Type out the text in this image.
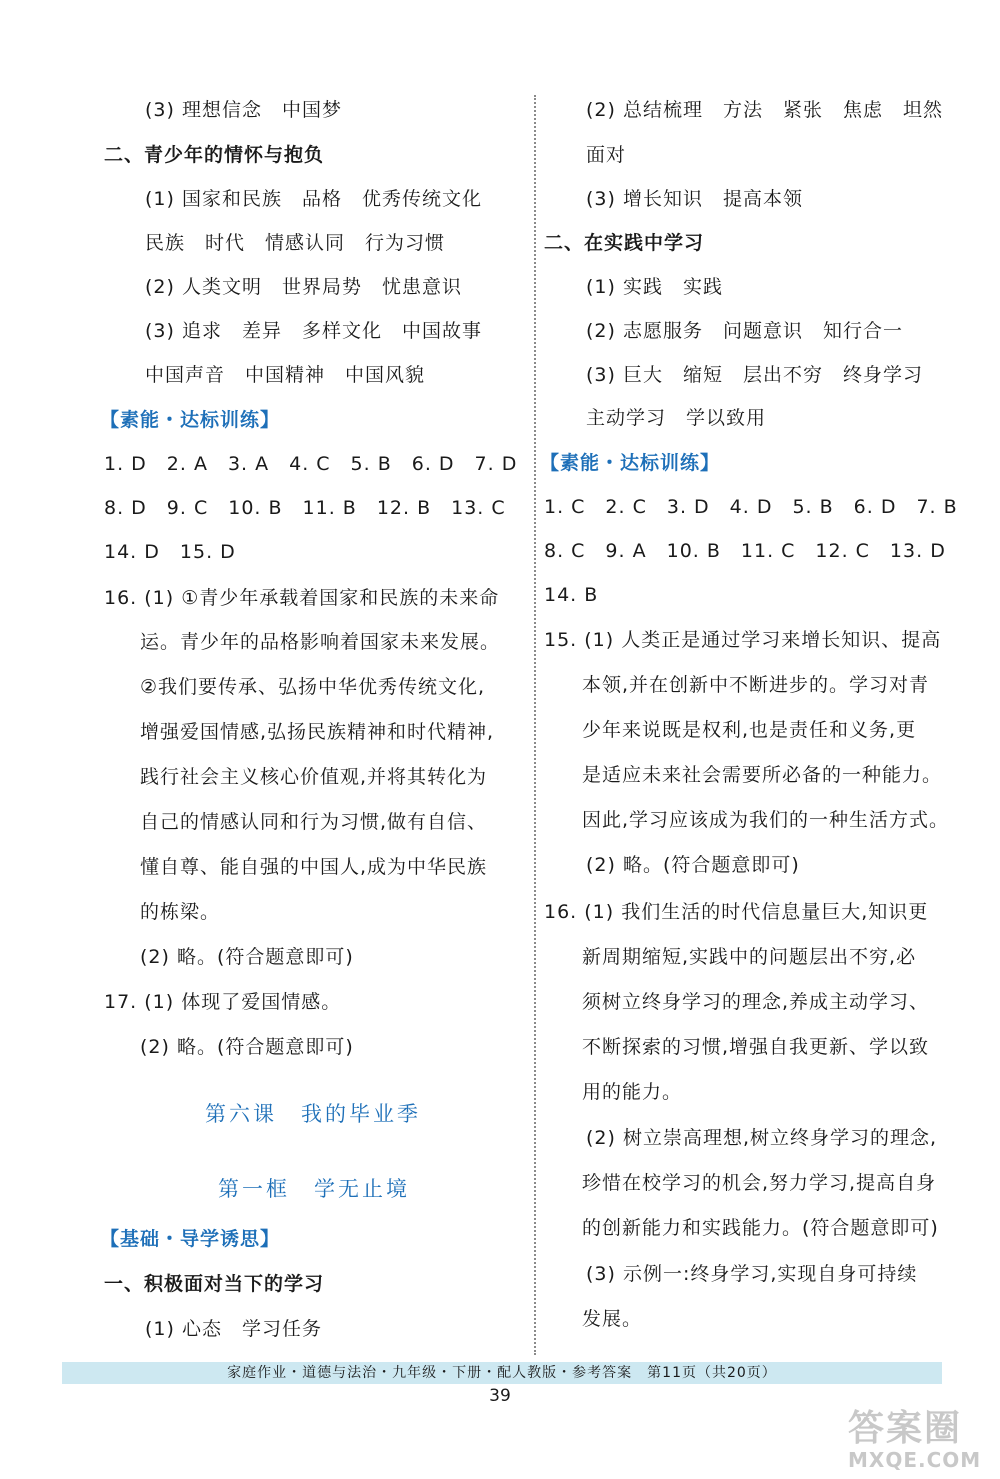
(3) 理想信念　中国梦
二、青少年的情怀与抱负
(1) 国家和民族　品格　优秀传统文化
民族　时代　情感认同　行为习惯
(2) 人类文明　世界局势　忧患意识
(3) 追求　差异　多样文化　中国故事
中国声音　中国精神　中国风貌
【素能・达标训练】
1. D　2. A　3. A　4. C　5. B　6. D　7. D
8. D　9. C　10. B　11. B　12. B　13. C
14. D　15. D
16. (1) ①青少年承载着国家和民族的未来命
运。青少年的品格影响着国家未来发展。
②我们要传承、弘扬中华优秀传统文化,
增强爱国情感,弘扬民族精神和时代精神,
践行社会主义核心价值观,并将其转化为
自己的情感认同和行为习惯,做有自信、
懂自尊、能自强的中国人,成为中华民族
的栋梁。
(2) 略。(符合题意即可)
17. (1) 体现了爱国情感。
(2) 略。(符合题意即可)
第六课　我的毕业季
第一框　学无止境
【基础・导学诱思】
一、积极面对当下的学习
(1) 心态　学习任务
(2) 总结梳理　方法　紧张　焦虑　坦然
面对
(3) 增长知识　提高本领
二、在实践中学习
(1) 实践　实践
(2) 志愿服务　问题意识　知行合一
(3) 巨大　缩短　层出不穷　终身学习
主动学习　学以致用
【素能・达标训练】
1. C　2. C　3. D　4. D　5. B　6. D　7. B
8. C　9. A　10. B　11. C　12. C　13. D
14. B
15. (1) 人类正是通过学习来增长知识、提高
本领,并在创新中不断进步的。学习对青
少年来说既是权利,也是责任和义务,更
是适应未来社会需要所必备的一种能力。
因此,学习应该成为我们的一种生活方式。
(2) 略。(符合题意即可)
16. (1) 我们生活的时代信息量巨大,知识更
新周期缩短,实践中的问题层出不穷,必
须树立终身学习的理念,养成主动学习、
不断探索的习惯,增强自我更新、学以致
用的能力。
(2) 树立崇高理想,树立终身学习的理念,
珍惜在校学习的机会,努力学习,提高自身
的创新能力和实践能力。(符合题意即可)
(3) 示例一:终身学习,实现自身可持续
发展。
家庭作业・道德与法治・九年级・下册・配人教版・参考答案　第11页（共20页）
39
答案圈
MXQE.COM
